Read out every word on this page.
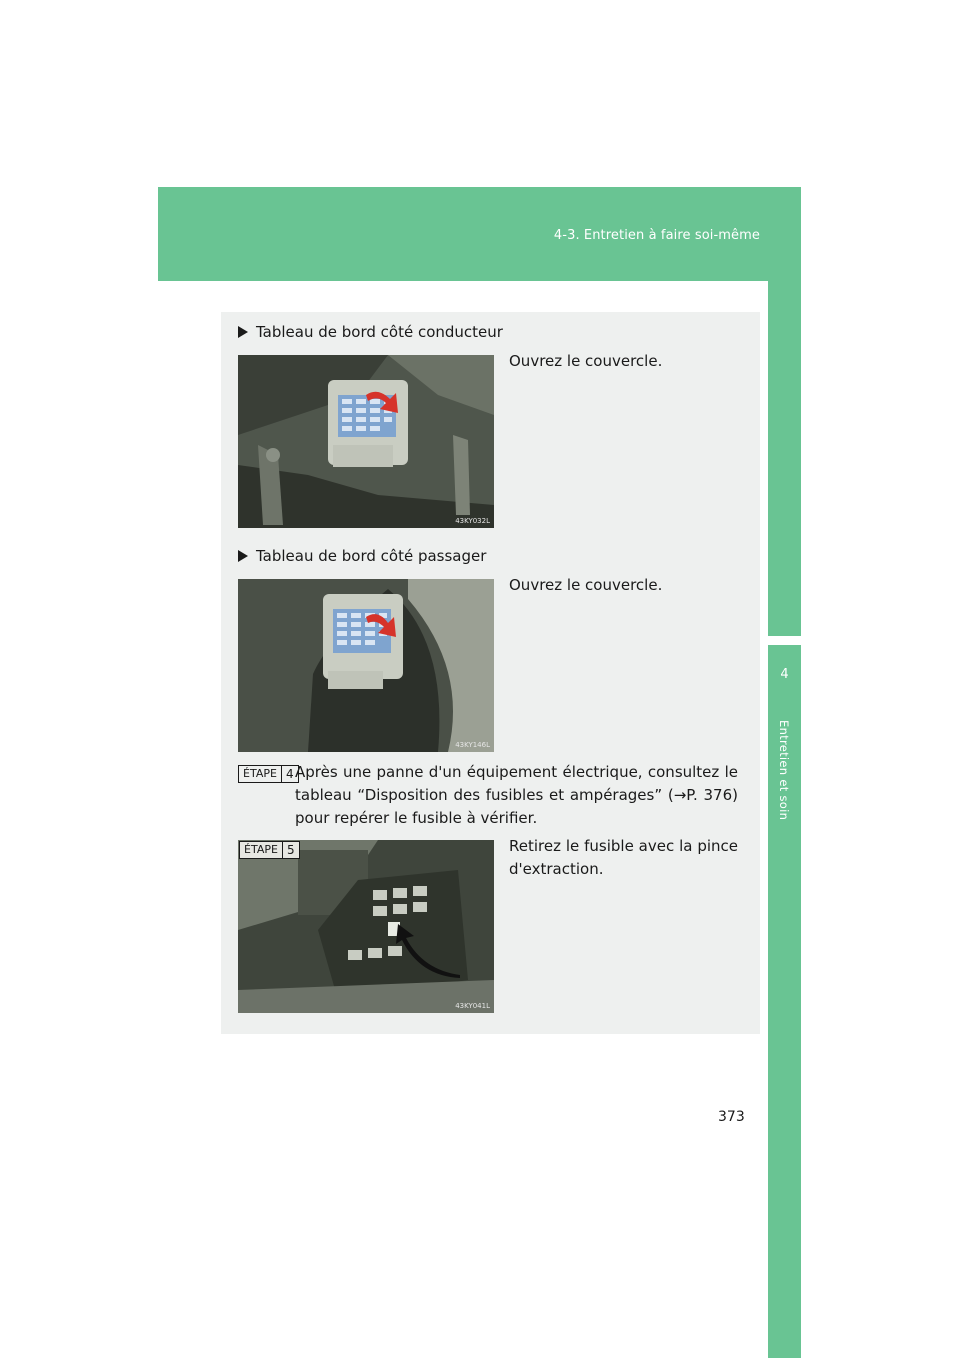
4-3. Entretien à faire soi-même
4
Entretien et soin
Tableau de bord côté conducteur
43KY032L
Ouvrez le couvercle.
Tableau de bord côté passager
43KY146L
Ouvrez le couvercle.
ÉTAPE 4 Après une panne d'un équipement électrique, consultez le
tableau “Disposition des fusibles et ampérages” (→P. 376)
pour repérer le fusible à vérifier.
ÉTAPE 5
43KY041L
Retirez le fusible avec la pince
d'extraction.
373
